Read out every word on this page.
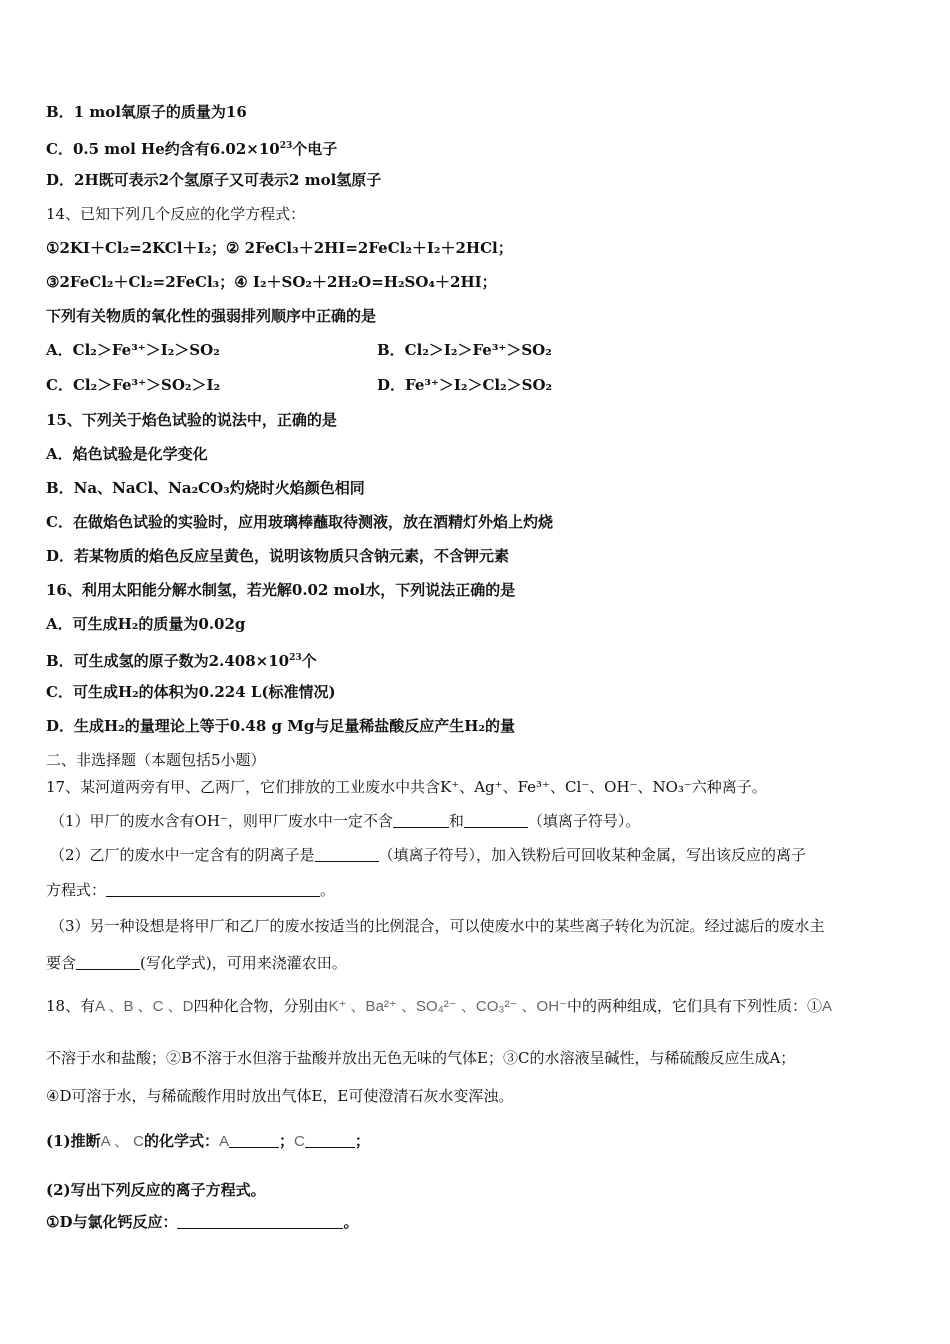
B．1 mol氧原子的质量为16
C．0.5 mol He约含有$6.02\times 10^{23}$个电子
D．2H既可表示2个氢原子又可表示2 mol氢原子
14、已知下列几个反应的化学方程式：
①2KI＋Cl₂=2KCl＋I₂；② 2FeCl₃＋2HI=2FeCl₂＋I₂＋2HCl；
③2FeCl₂＋Cl₂=2FeCl₃；④ I₂＋SO₂＋2H₂O=H₂SO₄＋2HI；
下列有关物质的氧化性的强弱排列顺序中正确的是
A．Cl₂＞Fe³⁺＞I₂＞SO₂	B．Cl₂＞I₂＞Fe³⁺＞SO₂
C．Cl₂＞Fe³⁺＞SO₂＞I₂	D．Fe³⁺＞I₂＞Cl₂＞SO₂
15、下列关于焰色试验的说法中，正确的是
A．焰色试验是化学变化
B．Na、NaCl、Na₂CO₃灼烧时火焰颜色相同
C．在做焰色试验的实验时，应用玻璃棒蘸取待测液，放在酒精灯外焰上灼烧
D．若某物质的焰色反应呈黄色，说明该物质只含钠元素，不含钾元素
16、利用太阳能分解水制氢，若光解0.02 mol水，下列说法正确的是
A．可生成H₂的质量为0.02g
B．可生成氢的原子数为$2.408\times 10^{23}$个
C．可生成H₂的体积为0.224 L(标准情况)
D．生成H₂的量理论上等于0.48 g Mg与足量稀盐酸反应产生H₂的量
二、非选择题（本题包括5小题）
17、某河道两旁有甲、乙两厂，它们排放的工业废水中共含K⁺、Ag⁺、Fe³⁺、Cl⁻、OH⁻、NO₃⁻六种离子。
（1）甲厂的废水含有OH⁻，则甲厂废水中一定不含	和	（填离子符号）。
（2）乙厂的废水中一定含有的阴离子是	（填离子符号），加入铁粉后可回收某种金属，写出该反应的离子
方程式：	。
（3）另一种设想是将甲厂和乙厂的废水按适当的比例混合，可以使废水中的某些离子转化为沉淀。经过滤后的废水主
要含	(写化学式)，可用来浇灌农田。
18、有A 、B 、C 、D四种化合物，分别由K⁺ 、Ba²⁺ 、SO₄²⁻ 、CO₃²⁻ 、OH⁻中的两种组成，它们具有下列性质：①A
不溶于水和盐酸；②B不溶于水但溶于盐酸并放出无色无味的气体E；③C的水溶液呈碱性，与稀硫酸反应生成A；
④D可溶于水，与稀硫酸作用时放出气体E，E可使澄清石灰水变浑浊。
(1)推断A 、 C的化学式：A	；C	；
(2)写出下列反应的离子方程式。
①D与氯化钙反应：	。
